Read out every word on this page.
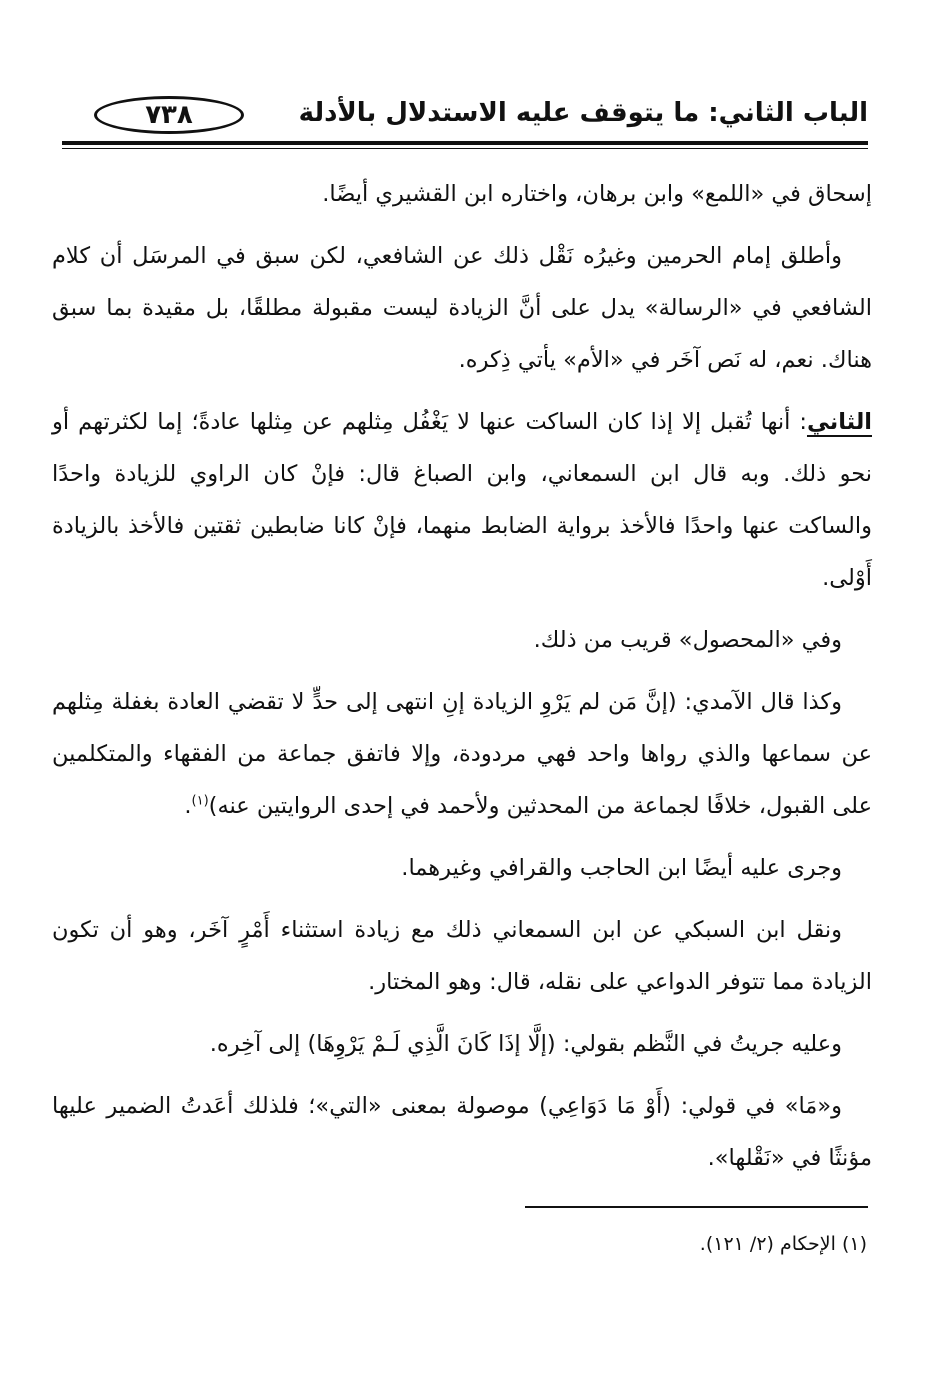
٧٣٨	الباب الثاني: ما يتوقف عليه الاستدلال بالأدلة

إسحاق في «اللمع» وابن برهان، واختاره ابن القشيري أيضًا.

وأطلق إمام الحرمين وغيرُه نَقْل ذلك عن الشافعي، لكن سبق في المرسَل أن كلام الشافعي في «الرسالة» يدل على أنَّ الزيادة ليست مقبولة مطلقًا، بل مقيدة بما سبق هناك. نعم، له نَص آخَر في «الأم» يأتي ذِكره.

الثاني: أنها تُقبل إلا إذا كان الساكت عنها لا يَغْفُل مِثلهم عن مِثلها عادةً؛ إما لكثرتهم أو نحو ذلك. وبه قال ابن السمعاني، وابن الصباغ قال: فإنْ كان الراوي للزيادة واحدًا والساكت عنها واحدًا فالأخذ برواية الضابط منهما، فإنْ كانا ضابطين ثقتين فالأخذ بالزيادة أَوْلى.

وفي «المحصول» قريب من ذلك.

وكذا قال الآمدي: (إنَّ مَن لم يَرْوِ الزيادة إنِ انتهى إلى حدٍّ لا تقضي العادة بغفلة مِثلهم عن سماعها والذي رواها واحد فهي مردودة، وإلا فاتفق جماعة من الفقهاء والمتكلمين على القبول، خلافًا لجماعة من المحدثين ولأحمد في إحدى الروايتين عنه)$^{(١)}$.

وجرى عليه أيضًا ابن الحاجب والقرافي وغيرهما.

ونقل ابن السبكي عن ابن السمعاني ذلك مع زيادة استثناء أَمْرٍ آخَر، وهو أن تكون الزيادة مما تتوفر الدواعي على نقله، قال: وهو المختار.

وعليه جريتُ في النَّظم بقولي: (إلَّا إذَا كَانَ الَّذِي لَـمْ يَرْوِهَا) إلى آخِره.

و«مَا» في قولي: (أَوْ مَا دَوَاعِي) موصولة بمعنى «التي»؛ فلذلك أعَدتُ الضمير عليها مؤنثًا في «نَقْلها».

(١) الإحكام (٢/ ١٢١).
